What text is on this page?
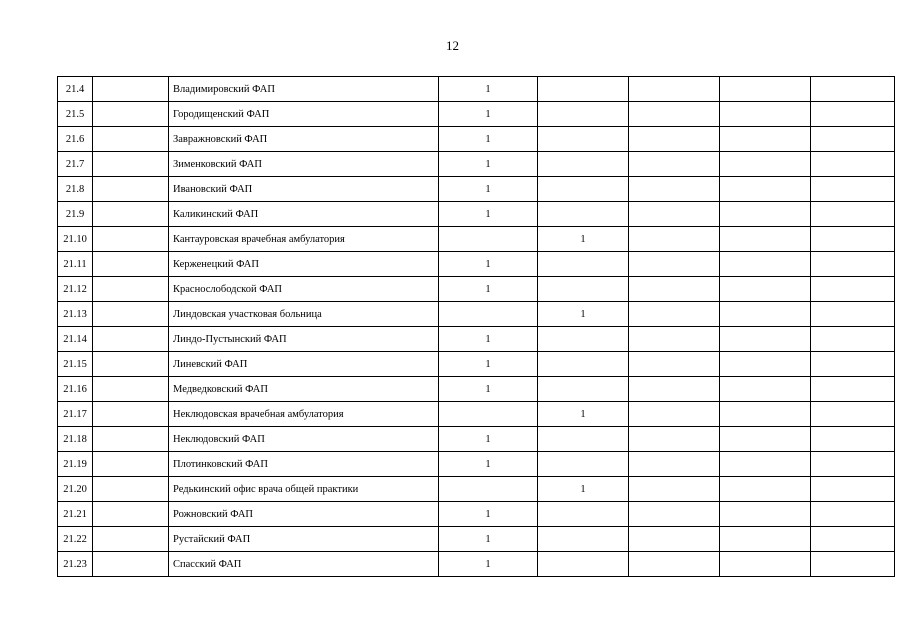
12
21.4		Владимировский ФАП	1				
21.5		Городищенский ФАП	1				
21.6		Завражновский ФАП	1				
21.7		Зименковский ФАП	1				
21.8		Ивановский ФАП	1				
21.9		Каликинский ФАП	1				
21.10		Кантауровская врачебная амбулатория		1			
21.11		Керженецкий ФАП	1				
21.12		Краснослободской ФАП	1				
21.13		Линдовская участковая больница		1			
21.14		Линдо-Пустынский ФАП	1				
21.15		Линевский ФАП	1				
21.16		Медведковский ФАП	1				
21.17		Неклюдовская врачебная амбулатория		1			
21.18		Неклюдовский ФАП	1				
21.19		Плотинковский ФАП	1				
21.20		Редькинский офис врача общей практики		1			
21.21		Рожновский ФАП	1				
21.22		Рустайский ФАП	1				
21.23		Спасский ФАП	1				
